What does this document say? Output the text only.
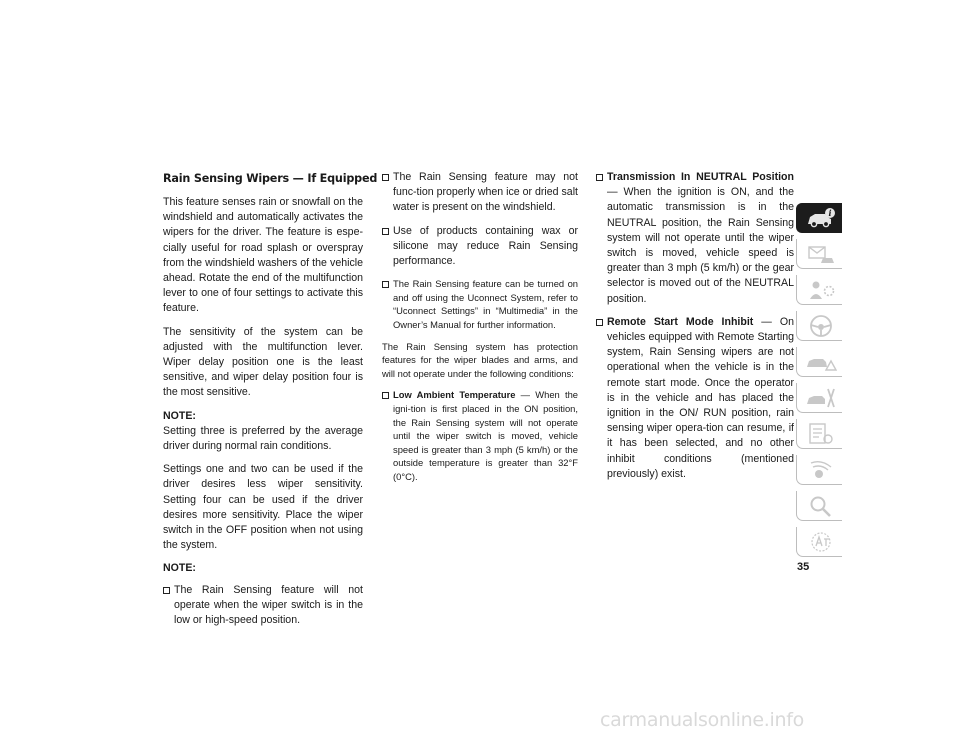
Rain Sensing Wipers — If Equipped

This feature senses rain or snowfall on the windshield and automatically activates the wipers for the driver. The feature is espe-cially useful for road splash or overspray from the windshield washers of the vehicle ahead. Rotate the end of the multifunction lever to one of four settings to activate this feature.

The sensitivity of the system can be adjusted with the multifunction lever. Wiper delay position one is the least sensitive, and wiper delay position four is the most sensitive.

NOTE:
Setting three is preferred by the average driver during normal rain conditions.

Settings one and two can be used if the driver desires less wiper sensitivity. Setting four can be used if the driver desires more sensitivity. Place the wiper switch in the OFF position when not using the system.

NOTE:

The Rain Sensing feature will not operate when the wiper switch is in the low or high-speed position.
The Rain Sensing feature may not func-tion properly when ice or dried salt water is present on the windshield.
Use of products containing wax or silicone may reduce Rain Sensing performance.
The Rain Sensing feature can be turned on and off using the Uconnect System, refer to “Uconnect Settings” in “Multimedia” in the Owner’s Manual for further information.

The Rain Sensing system has protection features for the wiper blades and arms, and will not operate under the following conditions:

Low Ambient Temperature — When the igni-tion is first placed in the ON position, the Rain Sensing system will not operate until the wiper switch is moved, vehicle speed is greater than 3 mph (5 km/h) or the outside temperature is greater than 32°F (0°C).
Transmission In NEUTRAL Position — When the ignition is ON, and the automatic transmission is in the NEUTRAL position, the Rain Sensing system will not operate until the wiper switch is moved, vehicle speed is greater than 3 mph (5 km/h) or the gear selector is moved out of the NEUTRAL position.
Remote Start Mode Inhibit — On vehicles equipped with Remote Starting system, Rain Sensing wipers are not operational when the vehicle is in the remote start mode. Once the operator is in the vehicle and has placed the ignition in the ON/ RUN position, rain sensing wiper opera-tion can resume, if it has been selected, and no other inhibit conditions (mentioned previously) exist.
i
35
carmanualsonline.info
